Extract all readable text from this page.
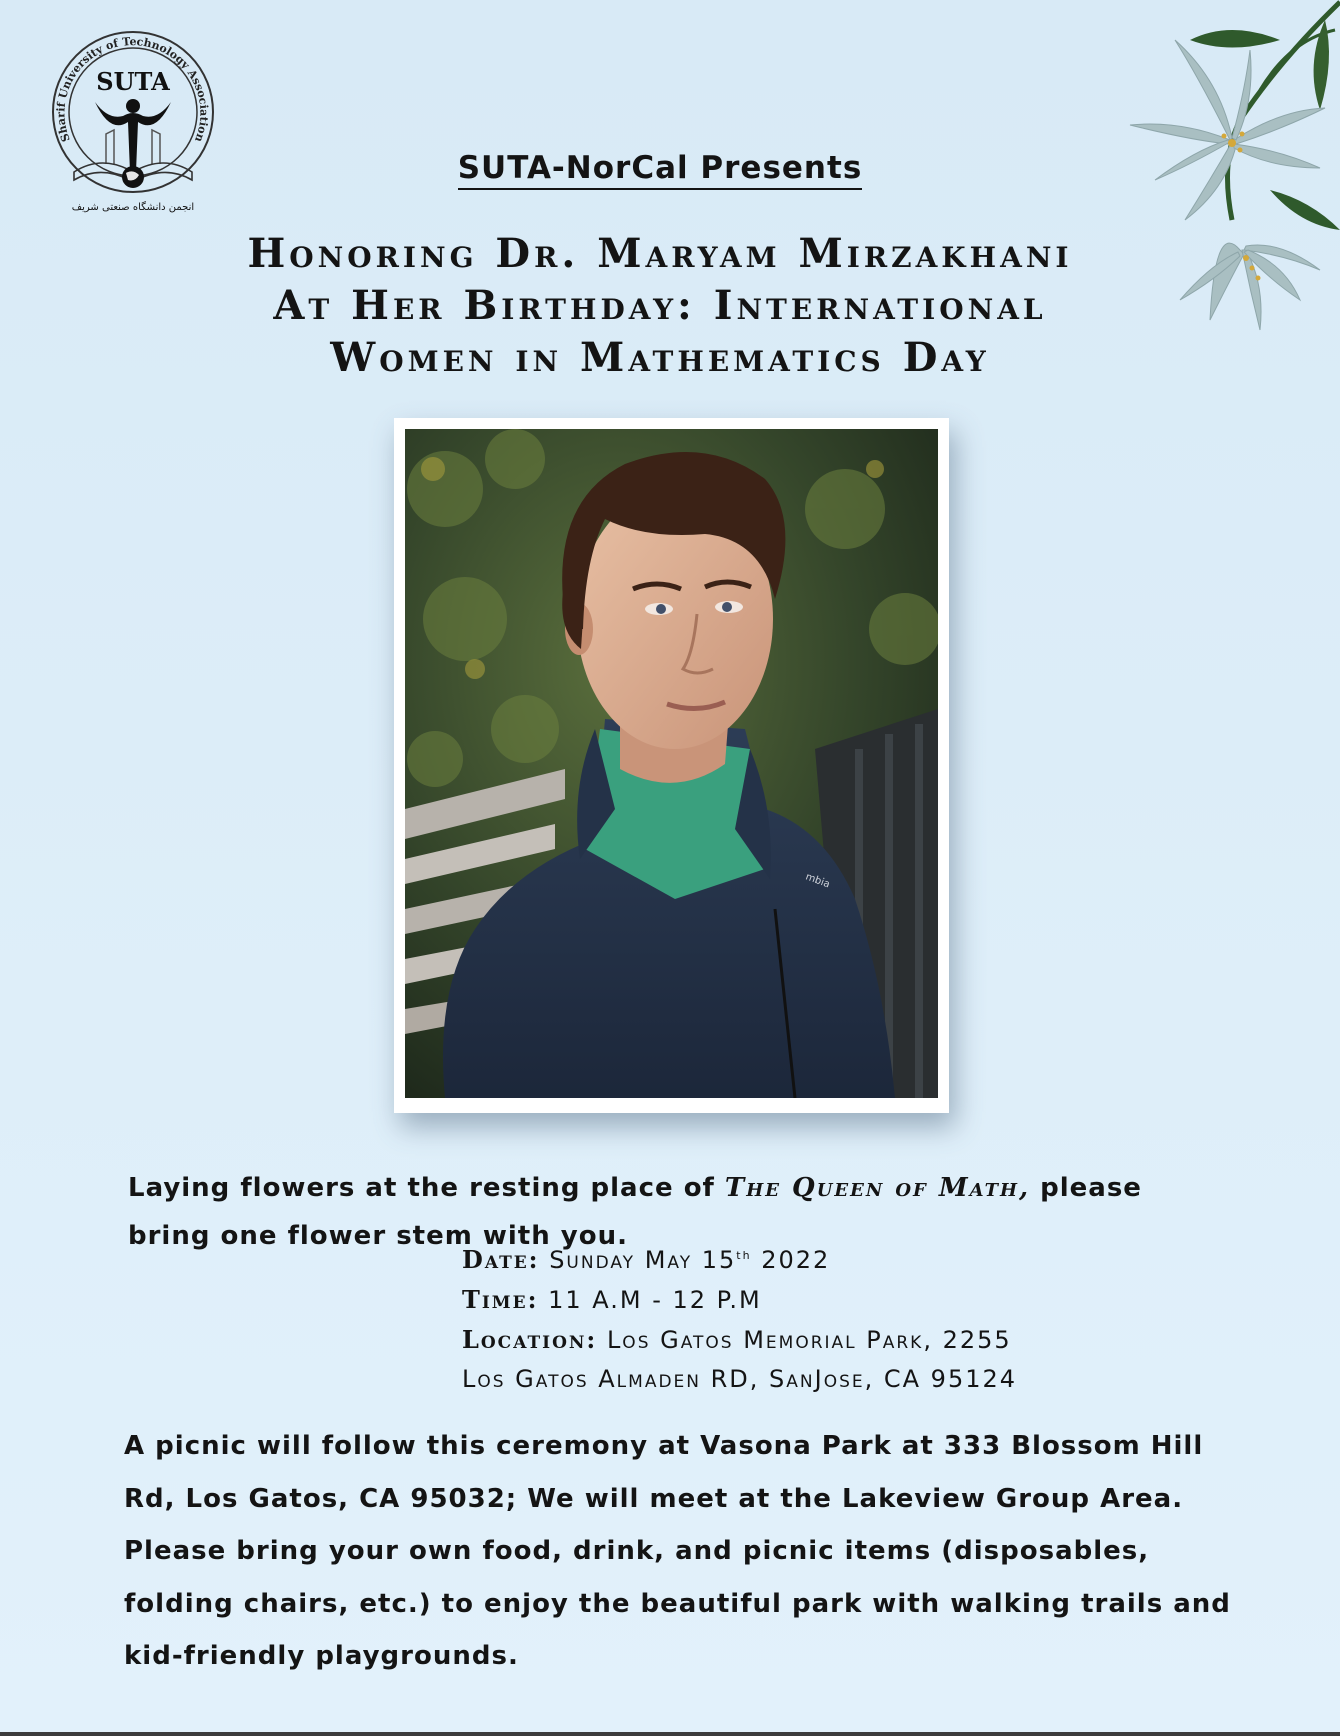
Sharif University of Technology Association
SUTA
انجمن دانشگاه صنعتی شریف
SUTA-NorCal Presents
Honoring Dr. Maryam Mirzakhani
At Her Birthday: International
Women in Mathematics Day
mbia
Laying flowers at the resting place of The Queen of Math, please bring one flower stem with you.
Date: Sunday May 15th 2022
Time: 11 A.M - 12 P.M
Location: Los Gatos Memorial Park, 2255
Los Gatos Almaden RD, SanJose, CA 95124
A picnic will follow this ceremony at Vasona Park at 333 Blossom Hill Rd, Los Gatos, CA 95032; We will meet at the Lakeview Group Area. Please bring your own food, drink, and picnic items (disposables, folding chairs, etc.) to enjoy the beautiful park with walking trails and kid-friendly playgrounds.
